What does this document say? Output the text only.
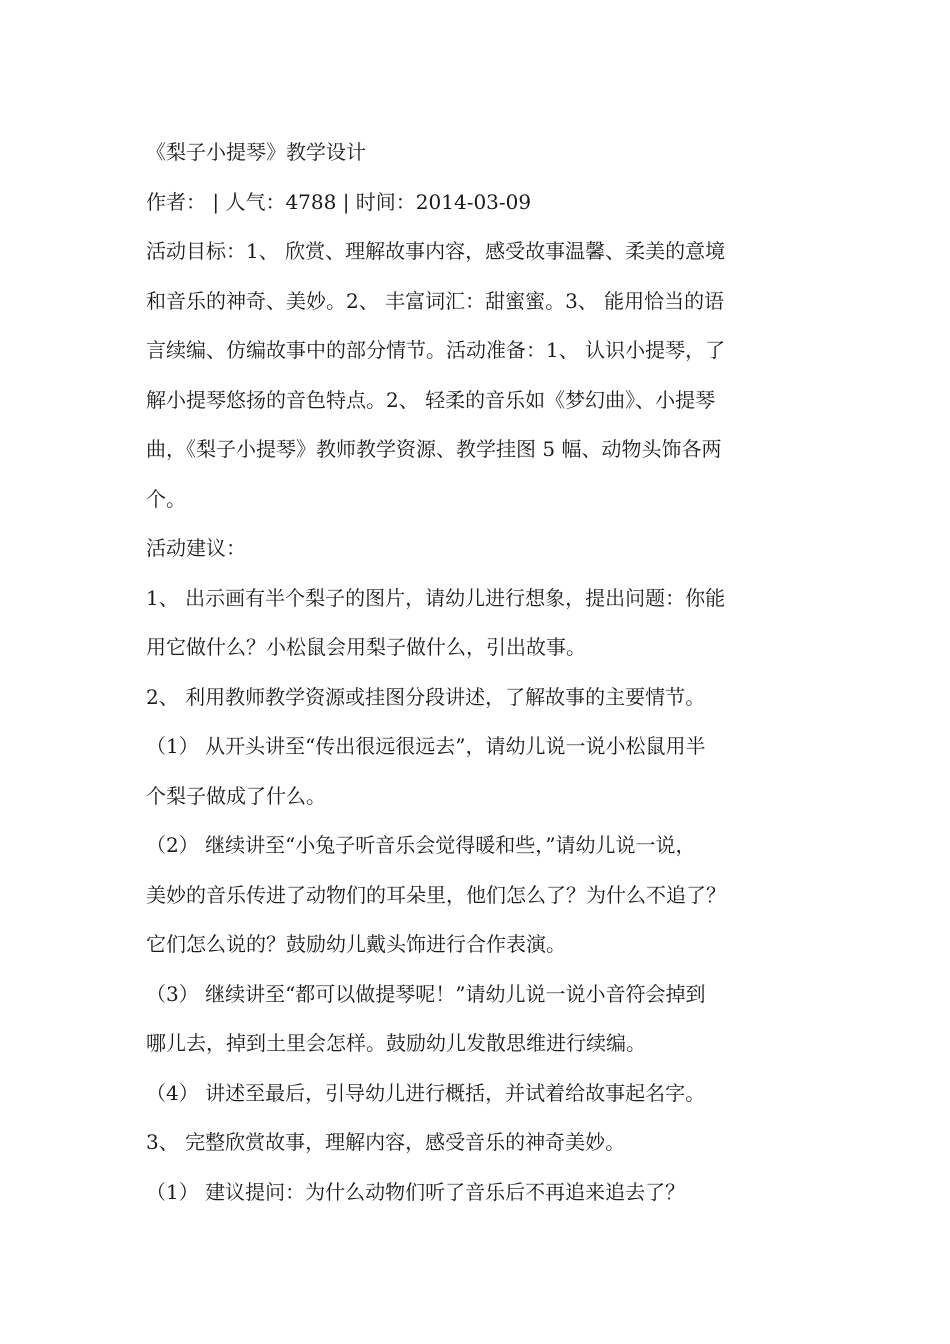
《梨子小提琴》教学设计
作者： | 人气：4788 | 时间：2014-03-09
活动目标：1、 欣赏、理解故事内容，感受故事温馨、柔美的意境
和音乐的神奇、美妙。2、 丰富词汇：甜蜜蜜。3、 能用恰当的语
言续编、仿编故事中的部分情节。活动准备：1、 认识小提琴，了
解小提琴悠扬的音色特点。2、 轻柔的音乐如《梦幻曲》、小提琴
曲，《梨子小提琴》教师教学资源、教学挂图 5 幅、动物头饰各两
个。
活动建议：
1、 出示画有半个梨子的图片，请幼儿进行想象，提出问题：你能
用它做什么？小松鼠会用梨子做什么，引出故事。
2、 利用教师教学资源或挂图分段讲述，了解故事的主要情节。
（1） 从开头讲至“传出很远很远去”，请幼儿说一说小松鼠用半
个梨子做成了什么。
（2） 继续讲至“小兔子听音乐会觉得暖和些，”请幼儿说一说，
美妙的音乐传进了动物们的耳朵里，他们怎么了？为什么不追了？
它们怎么说的？鼓励幼儿戴头饰进行合作表演。
（3） 继续讲至“都可以做提琴呢！”请幼儿说一说小音符会掉到
哪儿去，掉到土里会怎样。鼓励幼儿发散思维进行续编。
（4） 讲述至最后，引导幼儿进行概括，并试着给故事起名字。
3、 完整欣赏故事，理解内容，感受音乐的神奇美妙。
（1） 建议提问：为什么动物们听了音乐后不再追来追去了？
